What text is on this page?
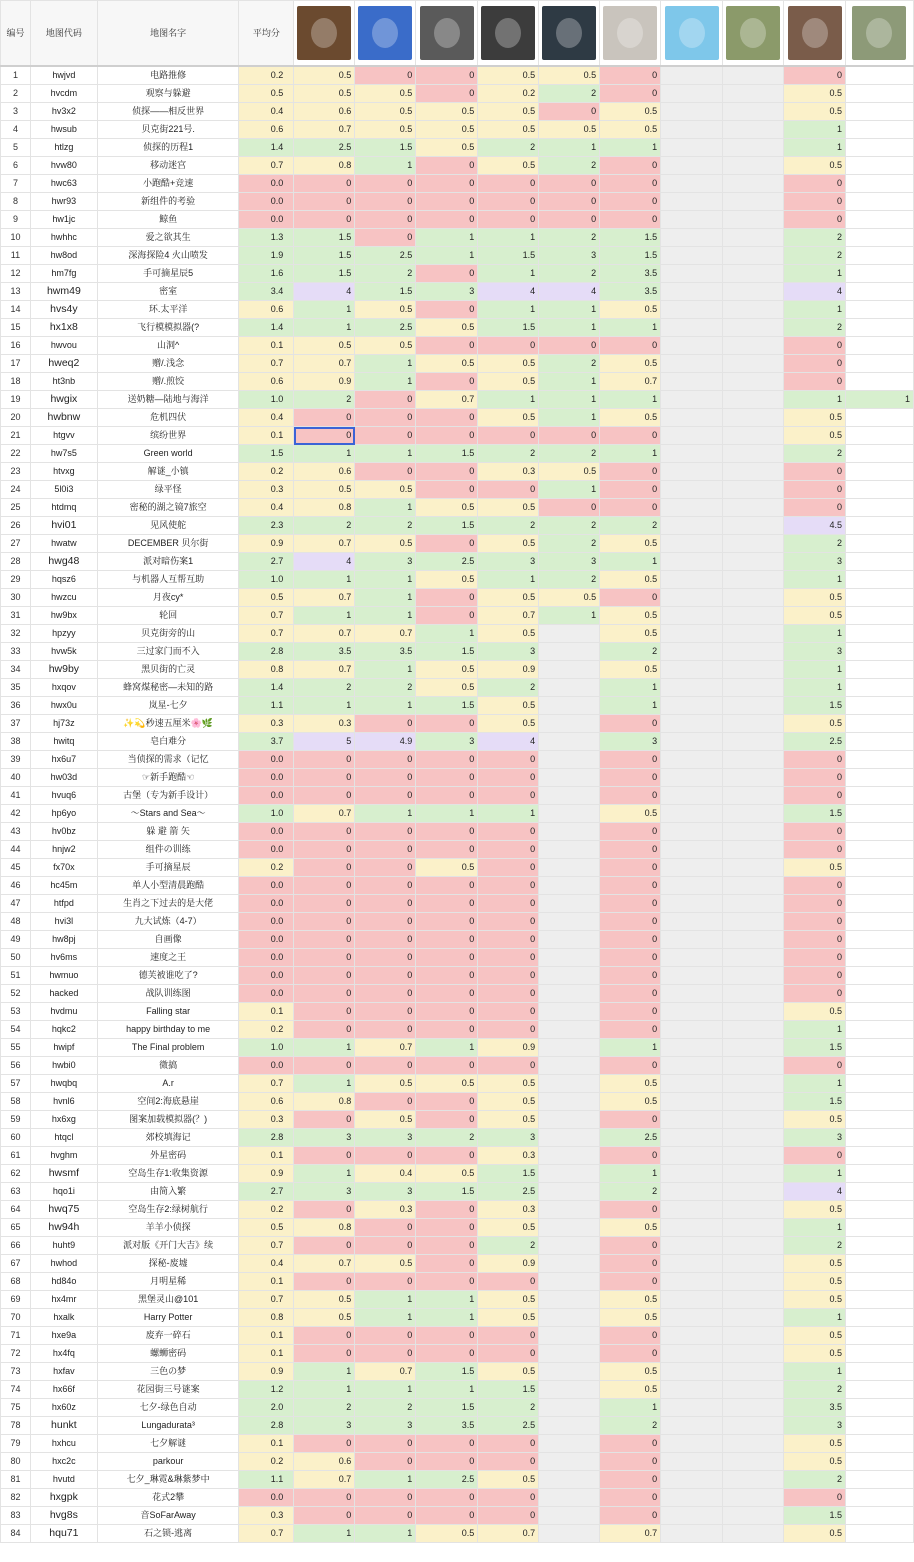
编号	地图代码	地图名字	平均分	

1	hwjvd	电路推修	0.2	0.5	0	0	0.5	0.5	0			0	
2	hvcdm	观察与躲避	0.5	0.5	0.5	0	0.2	2	0			0.5	
3	hv3x2	侦探——相反世界	0.4	0.6	0.5	0.5	0.5	0	0.5			0.5	
4	hwsub	贝克街221号.	0.6	0.7	0.5	0.5	0.5	0.5	0.5			1	
5	htlzg	侦探的历程1	1.4	2.5	1.5	0.5	2	1	1			1	
6	hvw80	移动迷宫	0.7	0.8	1	0	0.5	2	0			0.5	
7	hwc63	小跑酷+竞速	0.0	0	0	0	0	0	0			0	
8	hwr93	新组件的考验	0.0	0	0	0	0	0	0			0	
9	hw1jc	鲸鱼	0.0	0	0	0	0	0	0			0	
10	hwhhc	爱之欲其生	1.3	1.5	0	1	1	2	1.5			2	
11	hw8od	深海探险4 火山喷发	1.9	1.5	2.5	1	1.5	3	1.5			2	
12	hm7fg	手可摘星辰5	1.6	1.5	2	0	1	2	3.5			1	
13	hwm49	密室	3.4	4	1.5	3	4	4	3.5			4	
14	hvs4y	环.太平洋	0.6	1	0.5	0	1	1	0.5			1	
15	hx1x8	飞行模模拟器(?	1.4	1	2.5	0.5	1.5	1	1			2	
16	hwvou	山洞^	0.1	0.5	0.5	0	0	0	0			0	
17	hweq2	赠/.浅念	0.7	0.7	1	0.5	0.5	2	0.5			0	
18	ht3nb	赠/.煎饺	0.6	0.9	1	0	0.5	1	0.7			0	
19	hwgix	送奶糖—陆地与海洋	1.0	2	0	0.7	1	1	1			1	1
20	hwbnw	危机四伏	0.4	0	0	0	0.5	1	0.5			0.5	
21	htgvv	缤纷世界	0.1	0	0	0	0	0	0			0.5	
22	hw7s5	Green world	1.5	1	1	1.5	2	2	1			2	
23	htvxg	解谜_小镇	0.2	0.6	0	0	0.3	0.5	0			0	
24	5l0i3	绿平怪	0.3	0.5	0.5	0	0	1	0			0	
25	htdmq	密秘的湖之镜7旅空	0.4	0.8	1	0.5	0.5	0	0			0	
26	hvi01	见风使舵	2.3	2	2	1.5	2	2	2			4.5	
27	hwatw	DECEMBER 贝尔街	0.9	0.7	0.5	0	0.5	2	0.5			2	
28	hwg48	派对暗伤案1	2.7	4	3	2.5	3	3	1			3	
29	hqsz6	与机器人互帮互助	1.0	1	1	0.5	1	2	0.5			1	
30	hwzcu	月夜cy*	0.5	0.7	1	0	0.5	0.5	0			0.5	
31	hw9bx	轮回	0.7	1	1	0	0.7	1	0.5			0.5	
32	hpzyy	贝克街旁的山	0.7	0.7	0.7	1	0.5		0.5			1	
33	hvw5k	三过家门而不入	2.8	3.5	3.5	1.5	3		2			3	
34	hw9by	黑贝街的亡灵	0.8	0.7	1	0.5	0.9		0.5			1	
35	hxqov	蜂窝煤秘密—未知的路	1.4	2	2	0.5	2		1			1	
36	hwx0u	岚星-七夕	1.1	1	1	1.5	0.5		1			1.5	
37	hj73z	✨💫秒速五厘米🌸🌿	0.3	0.3	0	0	0.5		0			0.5	
38	hwitq	皂白难分	3.7	5	4.9	3	4		3			2.5	
39	hx6u7	当侦探的需求（记忆	0.0	0	0	0	0		0			0	
40	hw03d	☞新手跑酷☜	0.0	0	0	0	0		0			0	
41	hvuq6	古堡（专为新手设计）	0.0	0	0	0	0		0			0	
42	hp6yo	～Stars and Sea～	1.0	0.7	1	1	1		0.5			1.5	
43	hv0bz	躲 避 箭 矢	0.0	0	0	0	0		0			0	
44	hnjw2	组件の训练	0.0	0	0	0	0		0			0	
45	fx70x	手可摘星辰	0.2	0	0	0.5	0		0			0.5	
46	hc45m	单人小型清晨跑酷	0.0	0	0	0	0		0			0	
47	htfpd	生肖之下过去的是大佬	0.0	0	0	0	0		0			0	
48	hvi3l	九大试炼（4-7）	0.0	0	0	0	0		0			0	
49	hw8pj	自画像	0.0	0	0	0	0		0			0	
50	hv6ms	速度之王	0.0	0	0	0	0		0			0	
51	hwmuo	德芙被谁吃了?	0.0	0	0	0	0		0			0	
52	hacked	战队训练图	0.0	0	0	0	0		0			0	
53	hvdmu	Falling star	0.1	0	0	0	0		0			0.5	
54	hqkc2	happy birthday to me	0.2	0	0	0	0		0			1	
55	hwipf	The Final problem	1.0	1	0.7	1	0.9		1			1.5	
56	hwbi0	微搞	0.0	0	0	0	0		0			0	
57	hwqbq	A.r	0.7	1	0.5	0.5	0.5		0.5			1	
58	hvnl6	空间2:海底悬崖	0.6	0.8	0	0	0.5		0.5			1.5	
59	hx6xg	图案加载模拟器(？)	0.3	0	0.5	0	0.5		0			0.5	
60	htqcl	郊校填海记	2.8	3	3	2	3		2.5			3	
61	hvghm	外星密码	0.1	0	0	0	0.3		0			0	
62	hwsmf	空岛生存1:收集资源	0.9	1	0.4	0.5	1.5		1			1	
63	hqo1i	由简入繁	2.7	3	3	1.5	2.5		2			4	
64	hwq75	空岛生存2:绿树航行	0.2	0	0.3	0	0.3		0			0.5	
65	hw94h	羊羊小侦探	0.5	0.8	0	0	0.5		0.5			1	
66	huht9	派对版《开门大吉》续	0.7	0	0	0	2		0			2	
67	hwhod	探秘-废墟	0.4	0.7	0.5	0	0.9		0			0.5	
68	hd84o	月明星稀	0.1	0	0	0	0		0			0.5	
69	hx4mr	黑堡灵山@101	0.7	0.5	1	1	0.5		0.5			0.5	
70	hxalk	Harry Potter	0.8	0.5	1	1	0.5		0.5			1	
71	hxe9a	废弃一碎石	0.1	0	0	0	0		0			0.5	
72	hx4fq	螺蛳密码	0.1	0	0	0	0		0			0.5	
73	hxfav	三色の梦	0.9	1	0.7	1.5	0.5		0.5			1	
74	hx66f	花园街三号谜案	1.2	1	1	1	1.5		0.5			2	
75	hx60z	七夕-绿色自动	2.0	2	2	1.5	2		1			3.5	
78	hunkt	Lungadurata³	2.8	3	3	3.5	2.5		2			3	
79	hxhcu	七夕解谜	0.1	0	0	0	0		0			0.5	
80	hxc2c	parkour	0.2	0.6	0	0	0		0			0.5	
81	hvutd	七夕_琳霓&琳紫梦中	1.1	0.7	1	2.5	0.5		0			2	
82	hxgpk	花式2攀	0.0	0	0	0	0		0			0	
83	hvg8s	音SoFarAway	0.3	0	0	0	0		0			1.5	
84	hqu71	石之锁-逃离	0.7	1	1	0.5	0.7		0.7			0.5	
